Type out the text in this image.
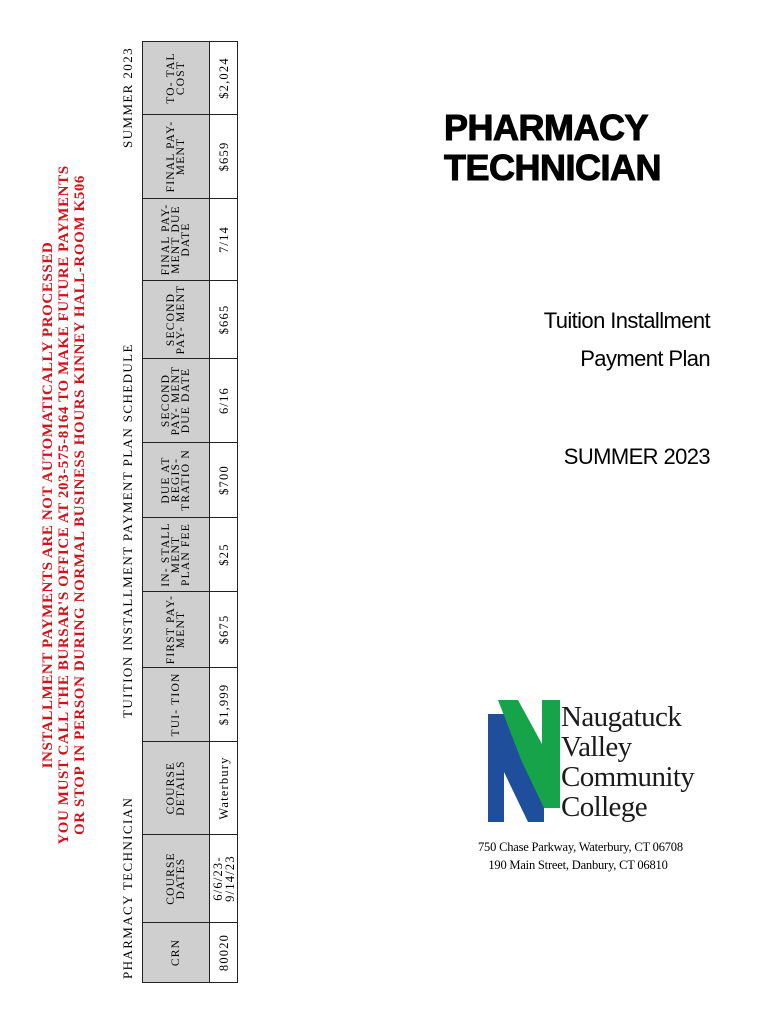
INSTALLMENT PAYMENTS ARE NOT AUTOMATICALLY PROCESSED YOU MUST CALL THE BURSAR'S OFFICE AT 203-575-8164 TO MAKE FUTURE PAYMENTS OR STOP IN PERSON DURING NORMAL BUSINESS HOURS KINNEY HALL-ROOM K506
PHARMACY TECHNICIAN
TUITION INSTALLMENT PAYMENT PLAN SCHEDULE
SUMMER 2023
CRN	COURSE DATES	COURSE DETAILS	TUI- TION	FIRST PAY- MENT	IN- STALL MENT PLAN FEE	DUE AT REGIS- TRATIO N	SECOND PAY- MENT DUE DATE	SECOND PAY- MENT	FINAL PAY- MENT DUE DATE	FINAL PAY- MENT	TO- TAL COST
80020	6/6/23- 9/14/23	Waterbury	$1,999	$675	$25	$700	6/16	$665	7/14	$659	$2,024
PHARMACY
TECHNICIAN
Tuition Installment
Payment Plan
SUMMER 2023
Naugatuck
Valley
Community
College
750 Chase Parkway, Waterbury, CT 06708
190 Main Street, Danbury, CT 06810
